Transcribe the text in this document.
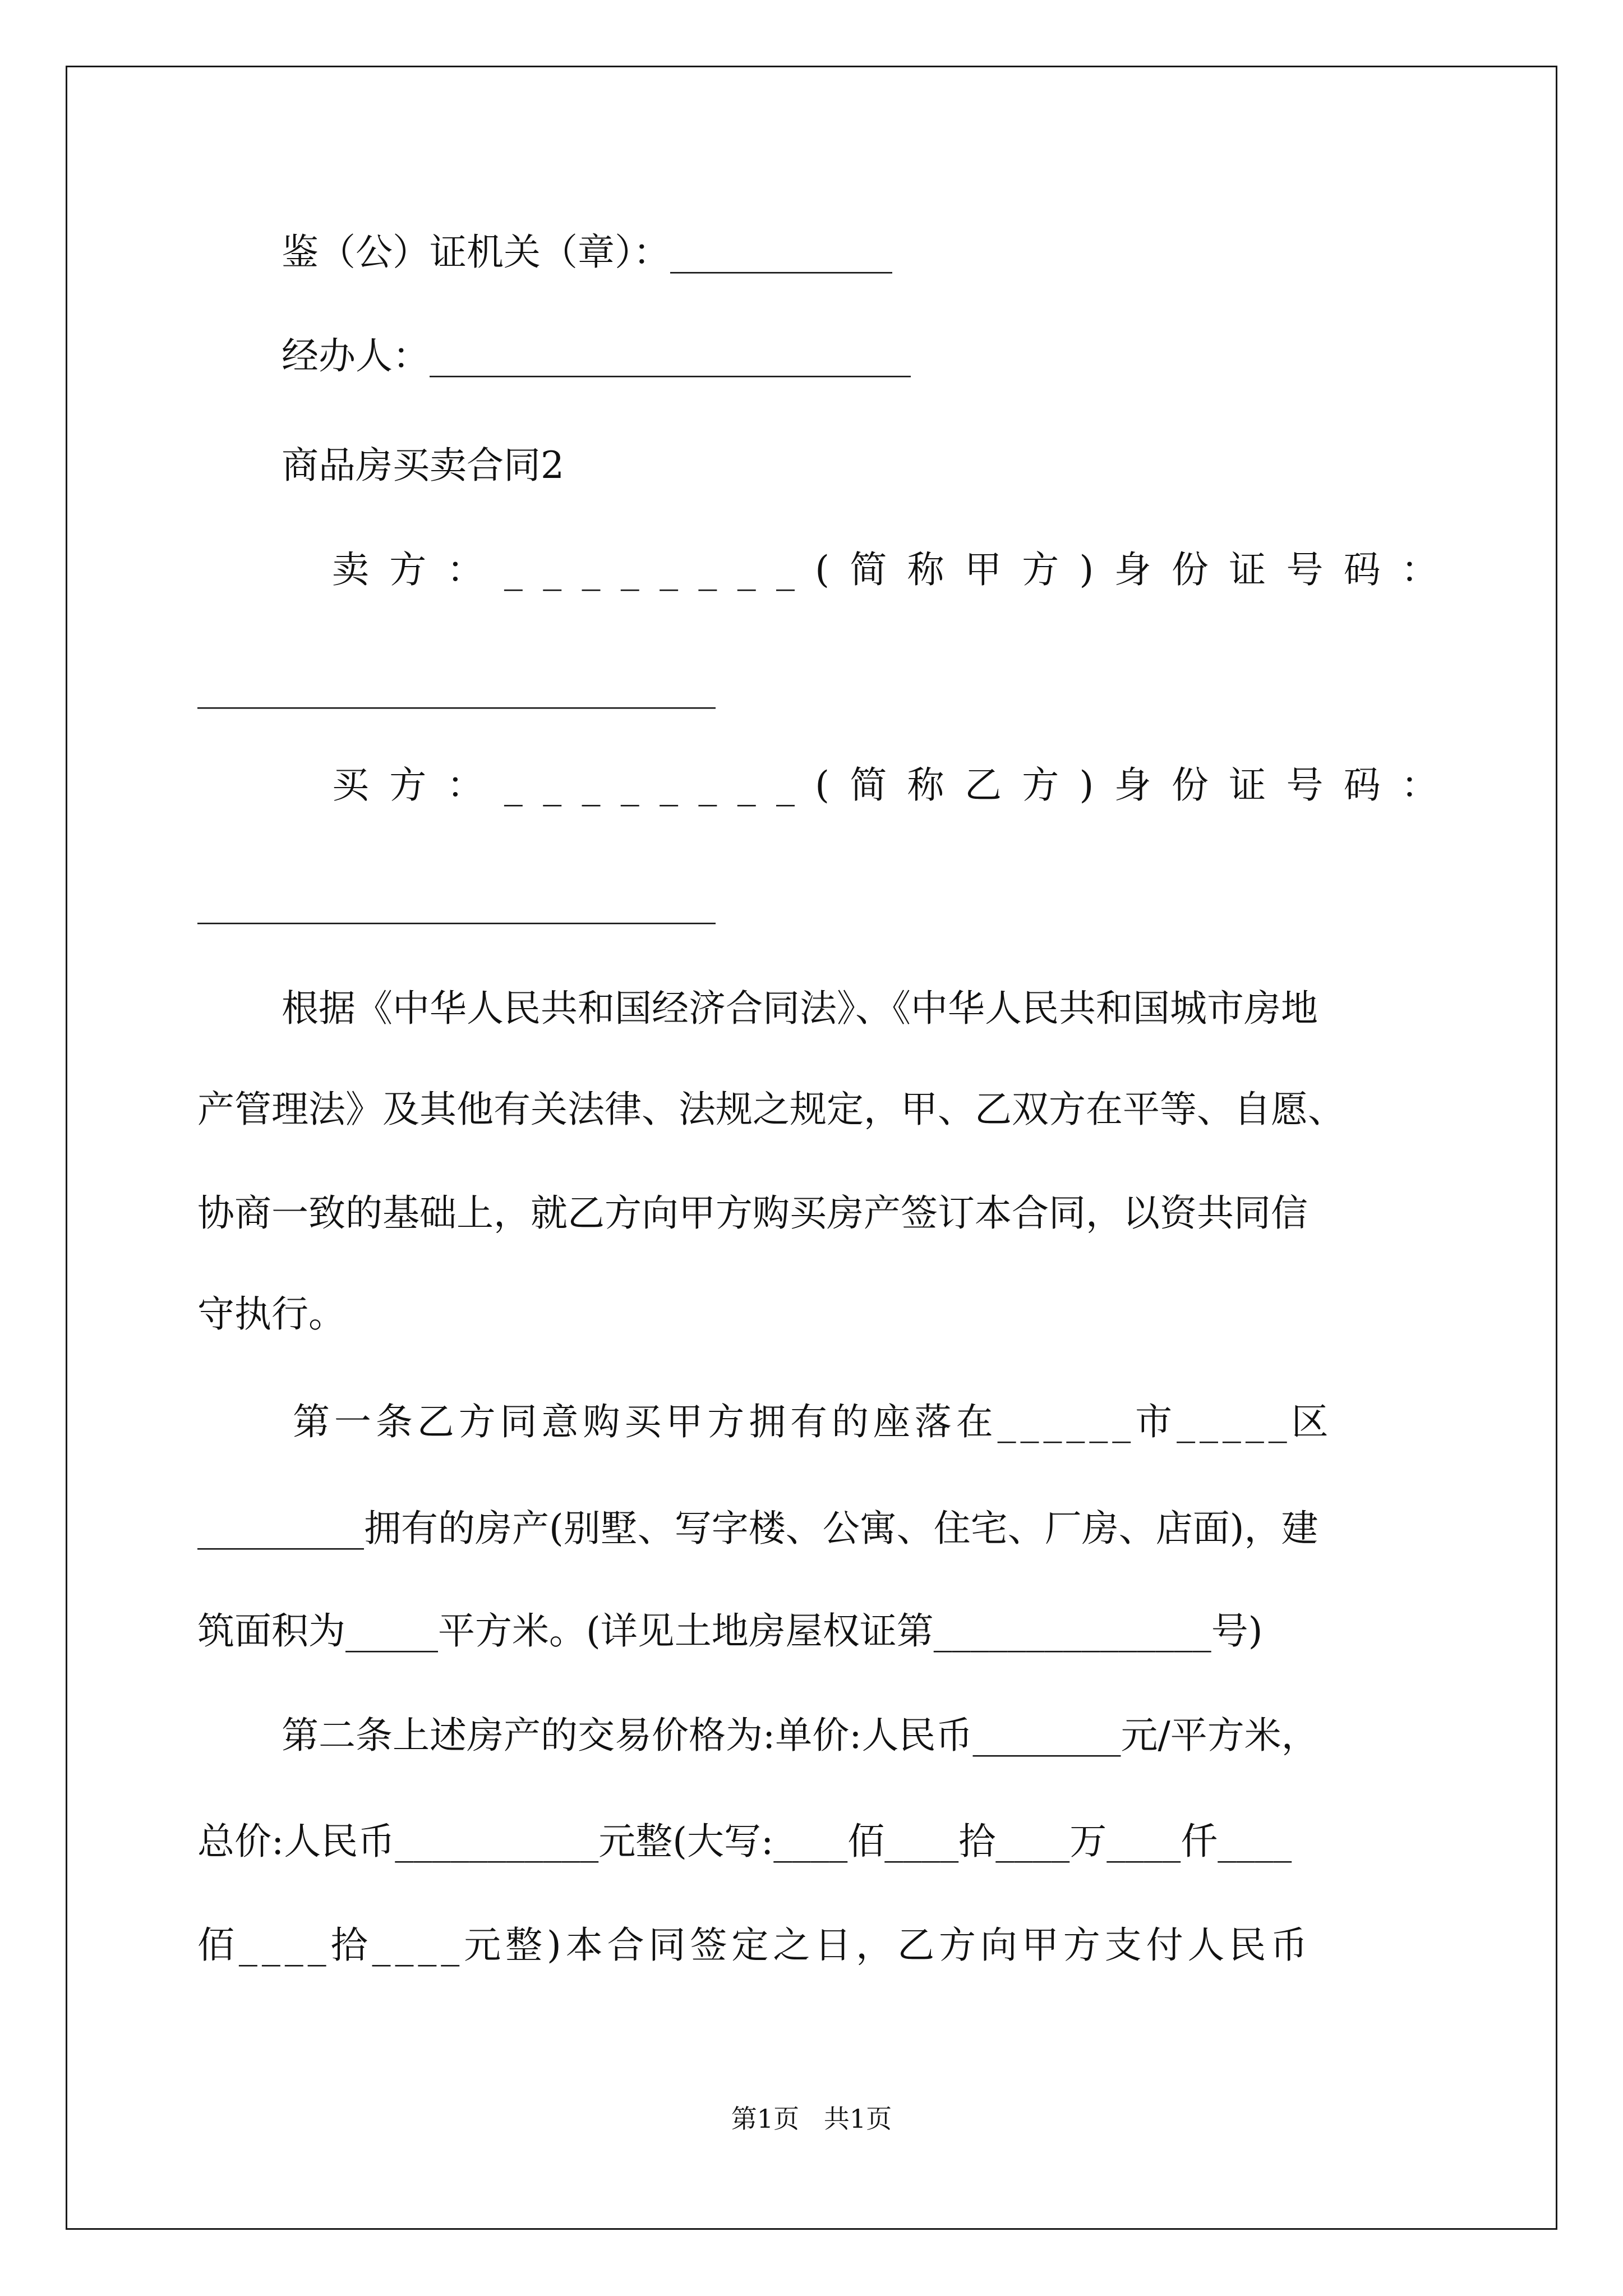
鉴（公）证机关（章）：____________

经办人：__________________________

商品房买卖合同2

卖方：________(简称甲方)身份证号码：

____________________________

买方：________(简称乙方)身份证号码：

____________________________

根据《中华人民共和国经济合同法》、《中华人民共和国城市房地

产管理法》及其他有关法律、法规之规定，甲、乙双方在平等、自愿、

协商一致的基础上，就乙方向甲方购买房产签订本合同，以资共同信

守执行。

第一条乙方同意购买甲方拥有的座落在______市_____区

_________拥有的房产(别墅、写字楼、公寓、住宅、厂房、店面)，建

筑面积为_____平方米。(详见土地房屋权证第_______________号)

第二条上述房产的交易价格为:单价:人民币________元/平方米，

总价:人民币___________元整(大写:____佰____拾____万____仟____

佰____拾____元整)本合同签定之日，乙方向甲方支付人民币

第1页   共1页
